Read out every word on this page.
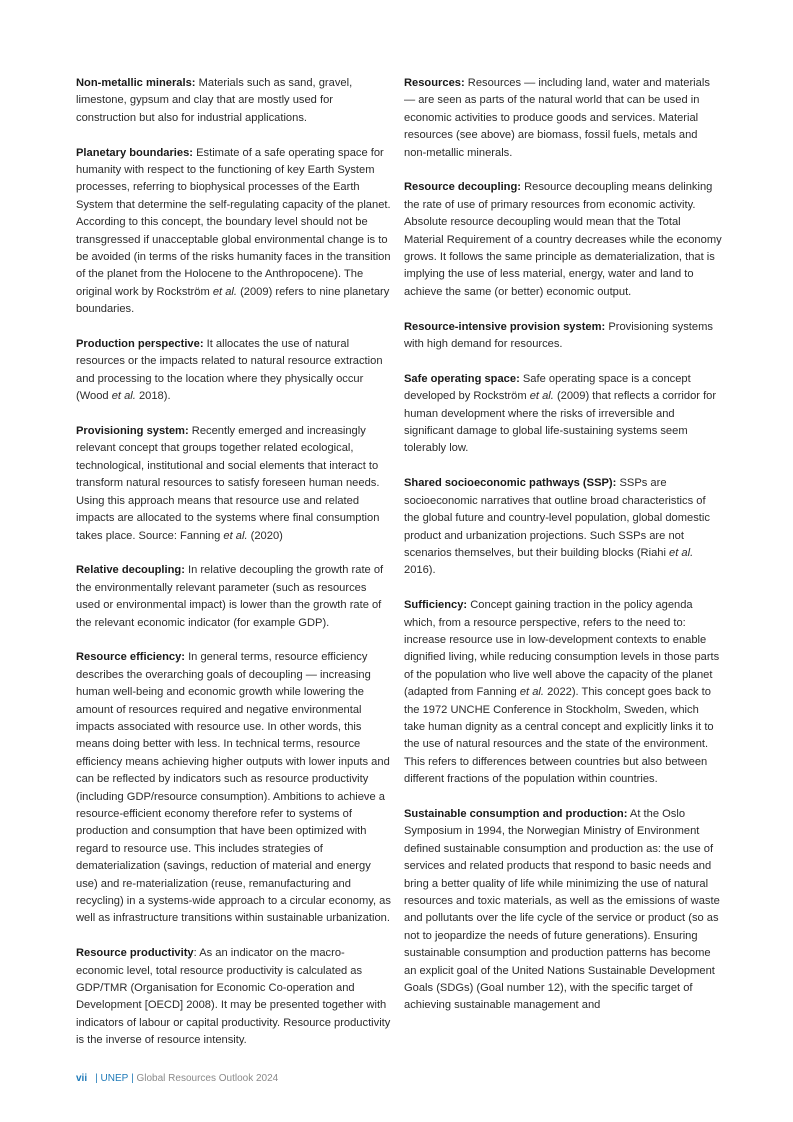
Non-metallic minerals: Materials such as sand, gravel, limestone, gypsum and clay that are mostly used for construction but also for industrial applications.

Planetary boundaries: Estimate of a safe operating space for humanity with respect to the functioning of key Earth System processes, referring to biophysical processes of the Earth System that determine the self-regulating capacity of the planet. According to this concept, the boundary level should not be transgressed if unacceptable global environmental change is to be avoided (in terms of the risks humanity faces in the transition of the planet from the Holocene to the Anthropocene). The original work by Rockström et al. (2009) refers to nine planetary boundaries.

Production perspective: It allocates the use of natural resources or the impacts related to natural resource extraction and processing to the location where they physically occur (Wood et al. 2018).

Provisioning system: Recently emerged and increasingly relevant concept that groups together related ecological, technological, institutional and social elements that interact to transform natural resources to satisfy foreseen human needs. Using this approach means that resource use and related impacts are allocated to the systems where final consumption takes place. Source: Fanning et al. (2020)

Relative decoupling: In relative decoupling the growth rate of the environmentally relevant parameter (such as resources used or environmental impact) is lower than the growth rate of the relevant economic indicator (for example GDP).

Resource efficiency: In general terms, resource efficiency describes the overarching goals of decoupling — increasing human well-being and economic growth while lowering the amount of resources required and negative environmental impacts associated with resource use. In other words, this means doing better with less. In technical terms, resource efficiency means achieving higher outputs with lower inputs and can be reflected by indicators such as resource productivity (including GDP/resource consumption). Ambitions to achieve a resource-efficient economy therefore refer to systems of production and consumption that have been optimized with regard to resource use. This includes strategies of dematerialization (savings, reduction of material and energy use) and re-materialization (reuse, remanufacturing and recycling) in a systems-wide approach to a circular economy, as well as infrastructure transitions within sustainable urbanization.

Resource productivity: As an indicator on the macro-economic level, total resource productivity is calculated as GDP/TMR (Organisation for Economic Co-operation and Development [OECD] 2008). It may be presented together with indicators of labour or capital productivity. Resource productivity is the inverse of resource intensity.

Resources: Resources — including land, water and materials — are seen as parts of the natural world that can be used in economic activities to produce goods and services. Material resources (see above) are biomass, fossil fuels, metals and non-metallic minerals.

Resource decoupling: Resource decoupling means delinking the rate of use of primary resources from economic activity. Absolute resource decoupling would mean that the Total Material Requirement of a country decreases while the economy grows. It follows the same principle as dematerialization, that is implying the use of less material, energy, water and land to achieve the same (or better) economic output.

Resource-intensive provision system: Provisioning systems with high demand for resources.

Safe operating space: Safe operating space is a concept developed by Rockström et al. (2009) that reflects a corridor for human development where the risks of irreversible and significant damage to global life-sustaining systems seem tolerably low.

Shared socioeconomic pathways (SSP): SSPs are socioeconomic narratives that outline broad characteristics of the global future and country-level population, global domestic product and urbanization projections. Such SSPs are not scenarios themselves, but their building blocks (Riahi et al. 2016).

Sufficiency: Concept gaining traction in the policy agenda which, from a resource perspective, refers to the need to: increase resource use in low-development contexts to enable dignified living, while reducing consumption levels in those parts of the population who live well above the capacity of the planet (adapted from Fanning et al. 2022). This concept goes back to the 1972 UNCHE Conference in Stockholm, Sweden, which take human dignity as a central concept and explicitly links it to the use of natural resources and the state of the environment. This refers to differences between countries but also between different fractions of the population within countries.

Sustainable consumption and production: At the Oslo Symposium in 1994, the Norwegian Ministry of Environment defined sustainable consumption and production as: the use of services and related products that respond to basic needs and bring a better quality of life while minimizing the use of natural resources and toxic materials, as well as the emissions of waste and pollutants over the life cycle of the service or product (so as not to jeopardize the needs of future generations). Ensuring sustainable consumption and production patterns has become an explicit goal of the United Nations Sustainable Development Goals (SDGs) (Goal number 12), with the specific target of achieving sustainable management and

vii | UNEP | Global Resources Outlook 2024
